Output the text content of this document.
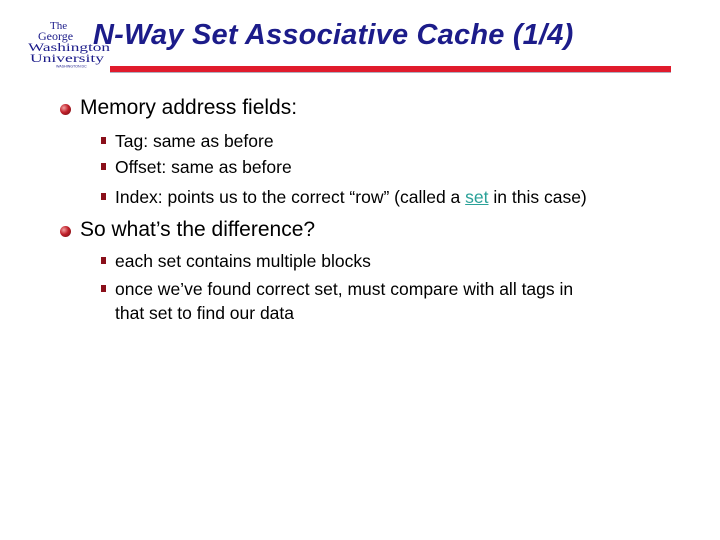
The
George
Washington
University
WASHINGTON DC
N-Way Set Associative Cache (1/4)
Memory address fields:
Tag: same as before
Offset: same as before
Index: points us to the correct “row” (called a set in this case)
So what’s the difference?
each set contains multiple blocks
once we’ve found correct set, must compare with all tags in
that set to find our data
